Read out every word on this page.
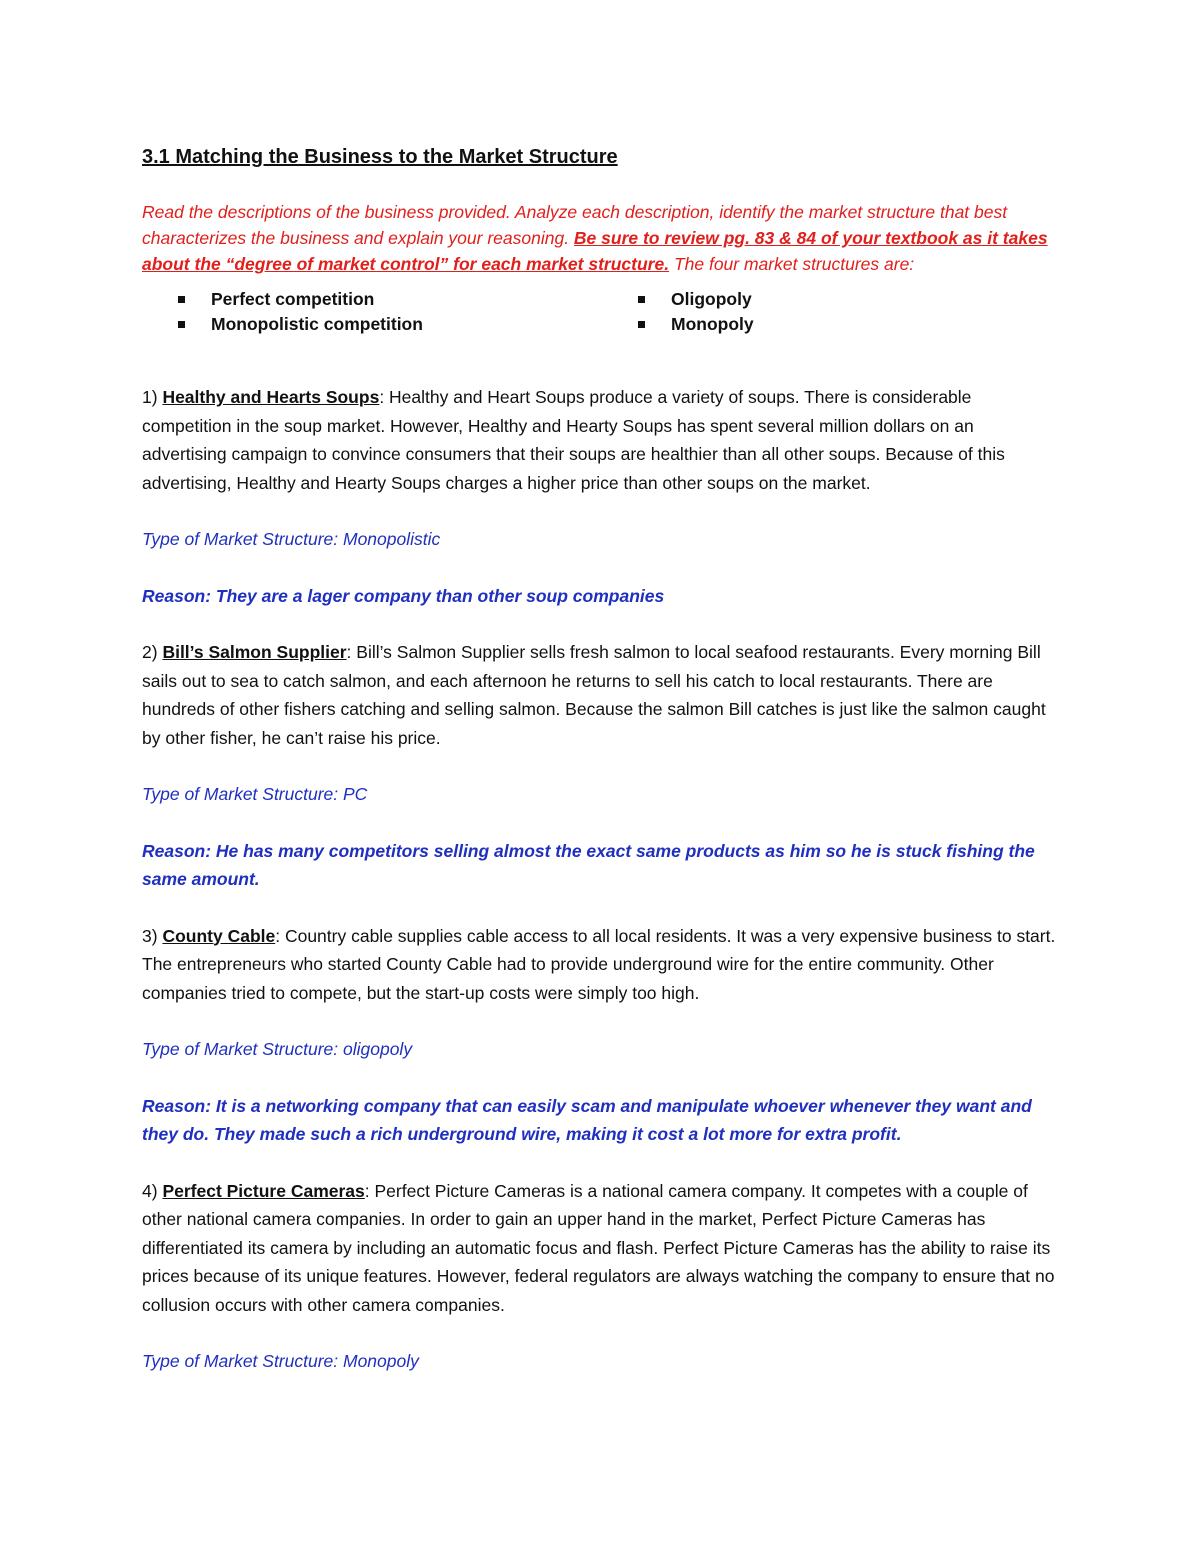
3.1 Matching the Business to the Market Structure

Read the descriptions of the business provided. Analyze each description, identify the market structure that best characterizes the business and explain your reasoning. Be sure to review pg. 83 & 84 of your textbook as it takes about the “degree of market control” for each market structure. The four market structures are:

Perfect competition
Monopolistic competition
Oligopoly
Monopoly

1) Healthy and Hearts Soups: Healthy and Heart Soups produce a variety of soups. There is considerable competition in the soup market. However, Healthy and Hearty Soups has spent several million dollars on an advertising campaign to convince consumers that their soups are healthier than all other soups. Because of this advertising, Healthy and Hearty Soups charges a higher price than other soups on the market.

Type of Market Structure: Monopolistic

Reason: They are a lager company than other soup companies

2) Bill’s Salmon Supplier: Bill’s Salmon Supplier sells fresh salmon to local seafood restaurants. Every morning Bill sails out to sea to catch salmon, and each afternoon he returns to sell his catch to local restaurants. There are hundreds of other fishers catching and selling salmon. Because the salmon Bill catches is just like the salmon caught by other fisher, he can’t raise his price.

Type of Market Structure: PC

Reason: He has many competitors selling almost the exact same products as him so he is stuck fishing the same amount.

3) County Cable: Country cable supplies cable access to all local residents. It was a very expensive business to start. The entrepreneurs who started County Cable had to provide underground wire for the entire community. Other companies tried to compete, but the start-up costs were simply too high.

Type of Market Structure: oligopoly

Reason: It is a networking company that can easily scam and manipulate whoever whenever they want and they do. They made such a rich underground wire, making it cost a lot more for extra profit.

4) Perfect Picture Cameras: Perfect Picture Cameras is a national camera company. It competes with a couple of other national camera companies. In order to gain an upper hand in the market, Perfect Picture Cameras has differentiated its camera by including an automatic focus and flash. Perfect Picture Cameras has the ability to raise its prices because of its unique features. However, federal regulators are always watching the company to ensure that no collusion occurs with other camera companies.

Type of Market Structure: Monopoly
